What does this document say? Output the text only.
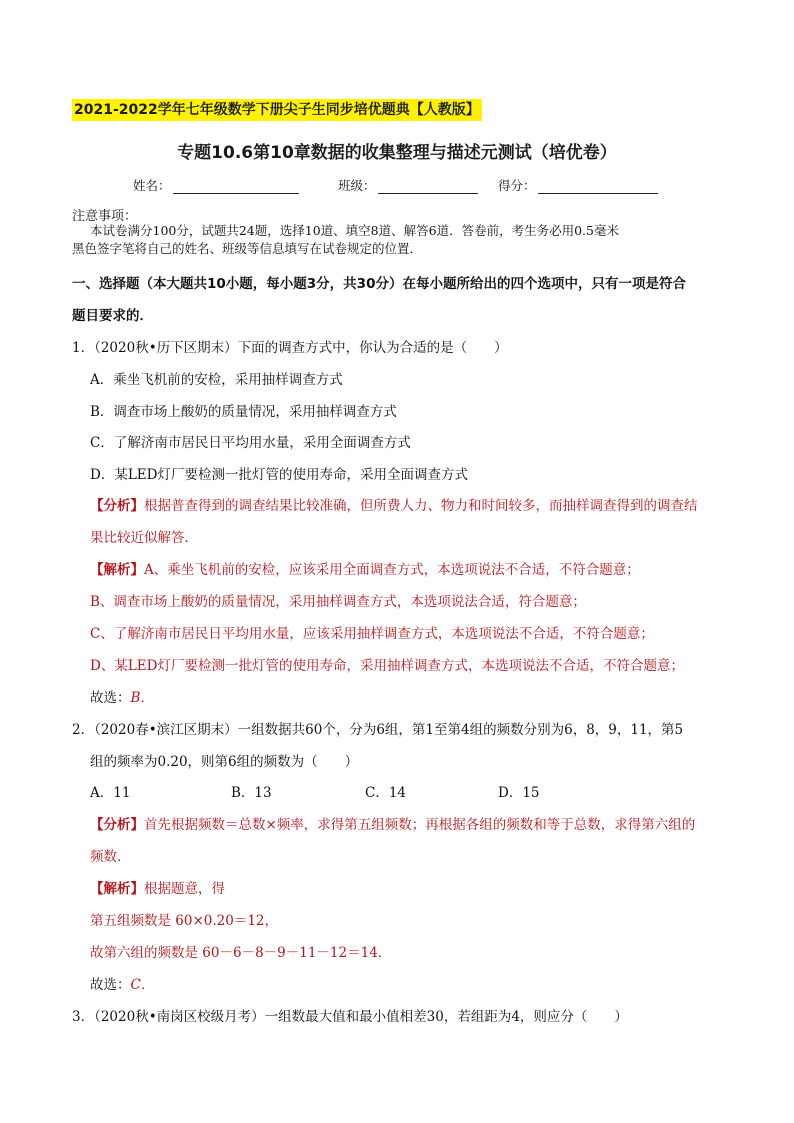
2021-2022学年七年级数学下册尖子生同步培优题典【人教版】
专题10.6第10章数据的收集整理与描述元测试（培优卷）
姓名：	班级：	得分：
注意事项：
本试卷满分100分，试题共24题，选择10道、填空8道、解答6道．答卷前，考生务必用0.5毫米
黑色签字笔将自己的姓名、班级等信息填写在试卷规定的位置．
一、选择题（本大题共10小题，每小题3分，共30分）在每小题所给出的四个选项中，只有一项是符合
题目要求的．
1．（2020秋•历下区期末）下面的调查方式中，你认为合适的是（　　）
A．乘坐飞机前的安检，采用抽样调查方式
B．调查市场上酸奶的质量情况，采用抽样调查方式
C．了解济南市居民日平均用水量，采用全面调查方式
D．某LED灯厂要检测一批灯管的使用寿命，采用全面调查方式
【分析】根据普查得到的调查结果比较准确，但所费人力、物力和时间较多，而抽样调查得到的调查结
果比较近似解答．
【解析】A、乘坐飞机前的安检，应该采用全面调查方式，本选项说法不合适，不符合题意；
B、调查市场上酸奶的质量情况，采用抽样调查方式，本选项说法合适，符合题意；
C、了解济南市居民日平均用水量，应该采用抽样调查方式，本选项说法不合适，不符合题意；
D、某LED灯厂要检测一批灯管的使用寿命，采用抽样调查方式，本选项说法不合适，不符合题意；
故选：B．
2．（2020春•滨江区期末）一组数据共60个，分为6组，第1至第4组的频数分别为6，8，9，11，第5
组的频率为0.20，则第6组的频数为（　　）
A．11	B．13	C．14	D．15
【分析】首先根据频数＝总数×频率，求得第五组频数；再根据各组的频数和等于总数，求得第六组的
频数．
【解析】根据题意，得
第五组频数是 60×0.20＝12，
故第六组的频数是 60－6－8－9－11－12＝14．
故选：C．
3．（2020秋•南岗区校级月考）一组数最大值和最小值相差30，若组距为4，则应分（　　）
